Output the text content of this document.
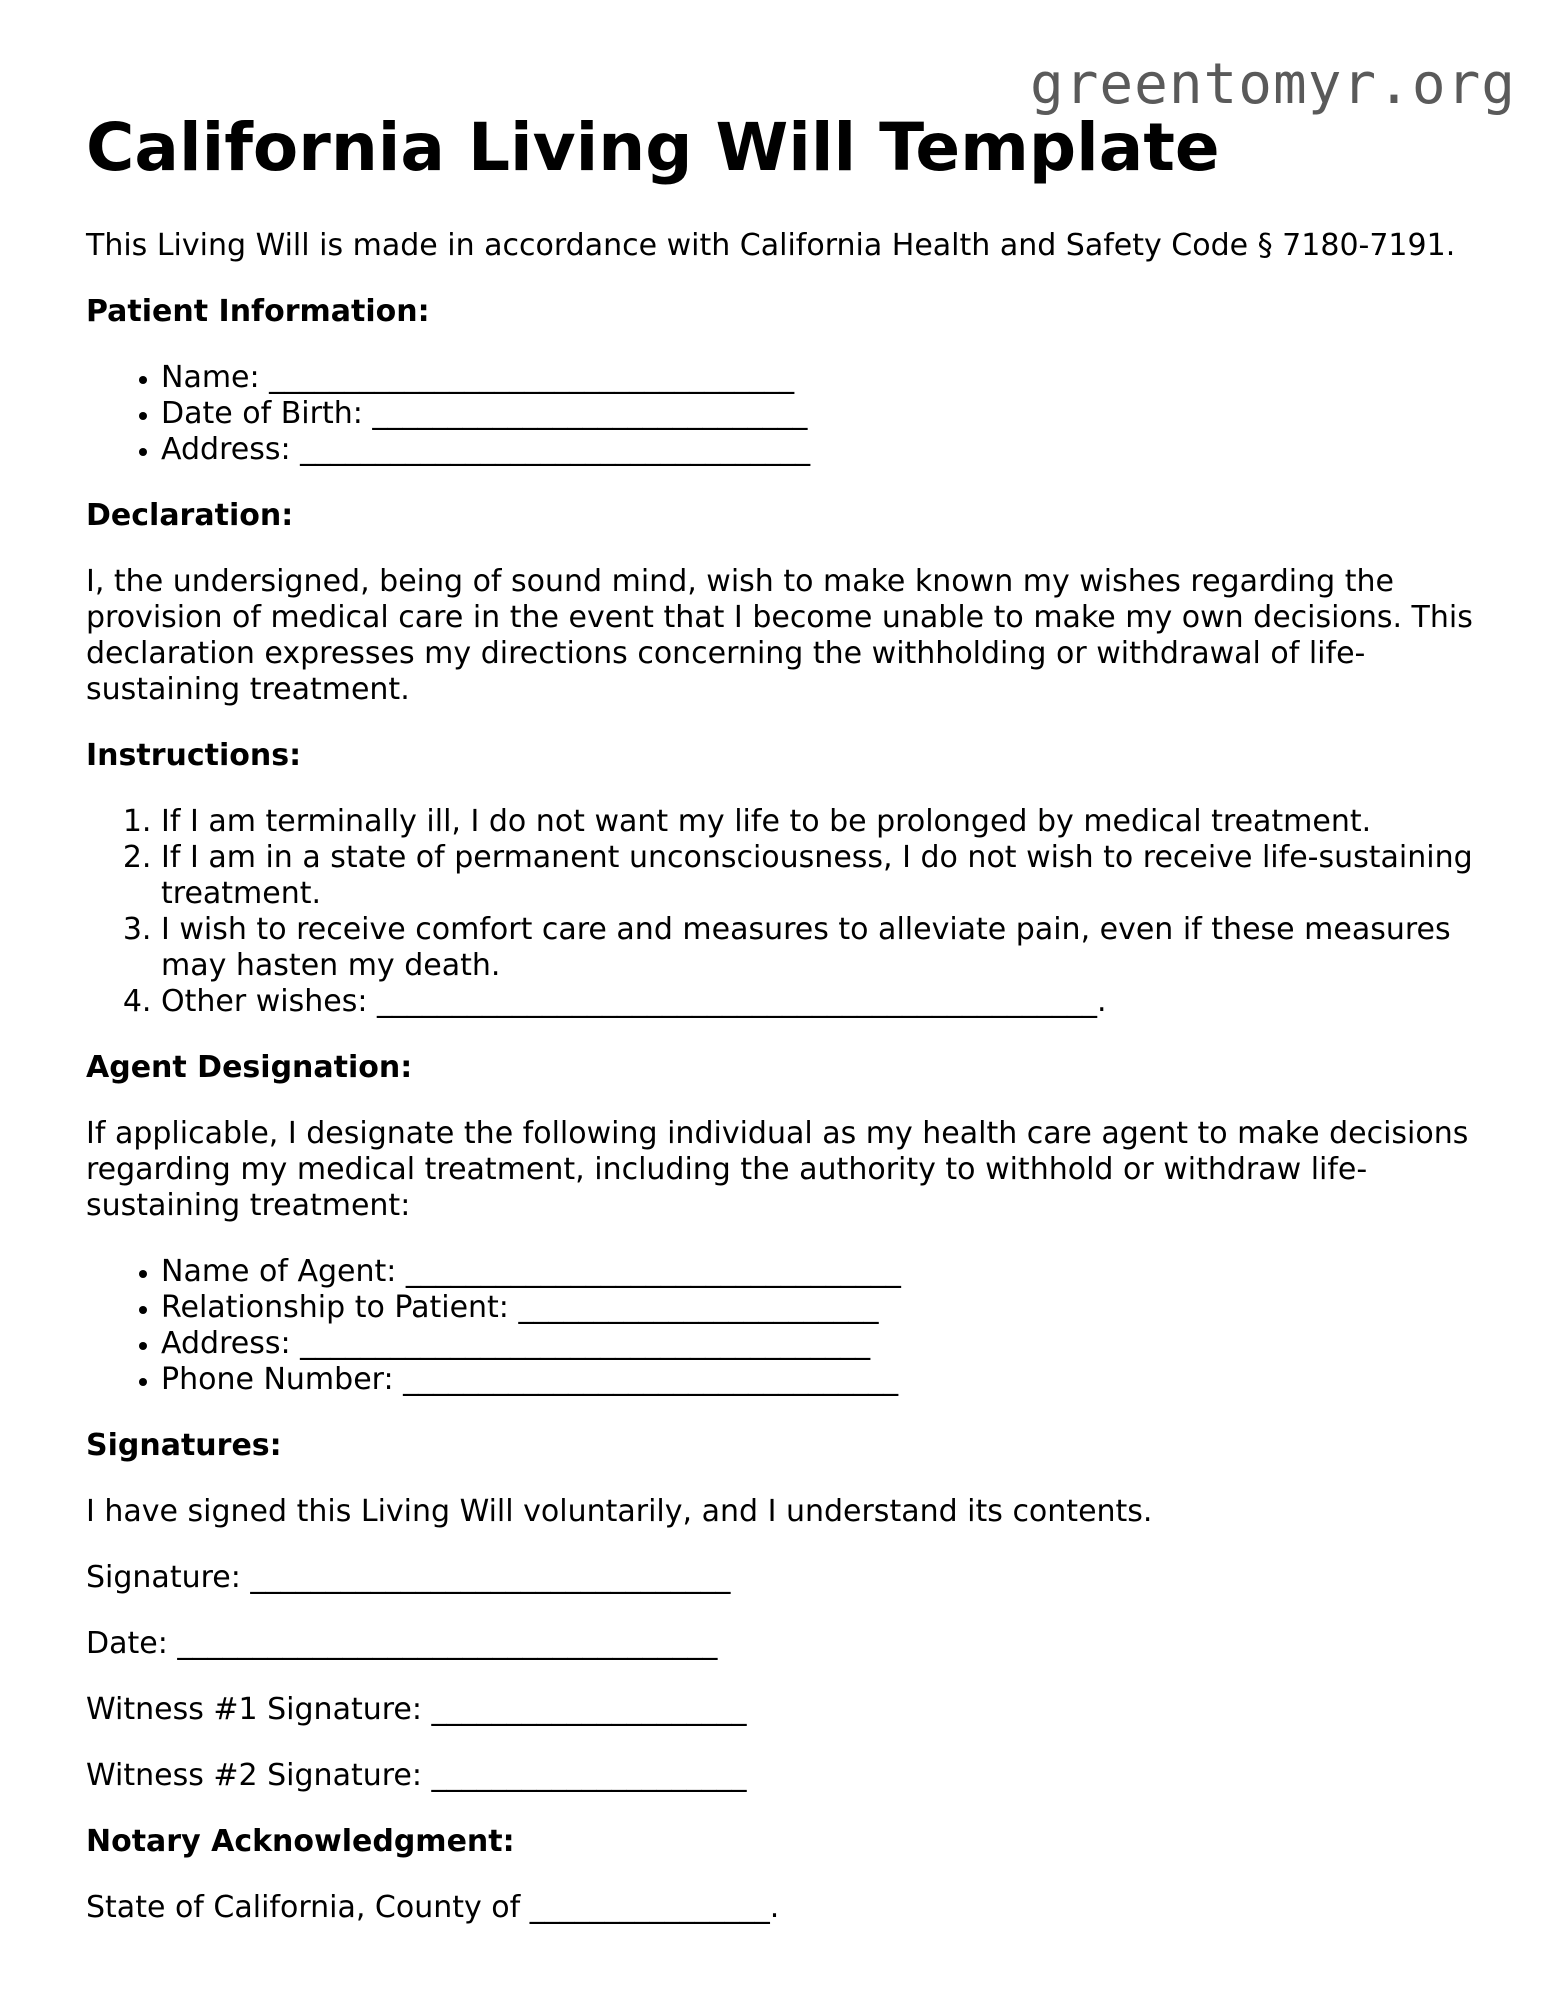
greentomyr.org
California Living Will Template

This Living Will is made in accordance with California Health and Safety Code § 7180-7191.

Patient Information:
• Name: ___________________________________
• Date of Birth: _____________________________
• Address: __________________________________
Declaration:

I, the undersigned, being of sound mind, wish to make known my wishes regarding the provision of medical care in the event that I become unable to make my own decisions. This declaration expresses my directions concerning the withholding or withdrawal of life-sustaining treatment.

Instructions:
1. If I am terminally ill, I do not want my life to be prolonged by medical treatment.
2. If I am in a state of permanent unconsciousness, I do not wish to receive life-sustaining treatment.
3. I wish to receive comfort care and measures to alleviate pain, even if these measures may hasten my death.
4. Other wishes: ________________________________________________.
Agent Designation:

If applicable, I designate the following individual as my health care agent to make decisions regarding my medical treatment, including the authority to withhold or withdraw life-sustaining treatment:

• Name of Agent: _________________________________
• Relationship to Patient: ________________________
• Address: ______________________________________
• Phone Number: _________________________________
Signatures:

I have signed this Living Will voluntarily, and I understand its contents.

Signature: ________________________________

Date: ____________________________________

Witness #1 Signature: _____________________

Witness #2 Signature: _____________________

Notary Acknowledgment:

State of California, County of ________________.
